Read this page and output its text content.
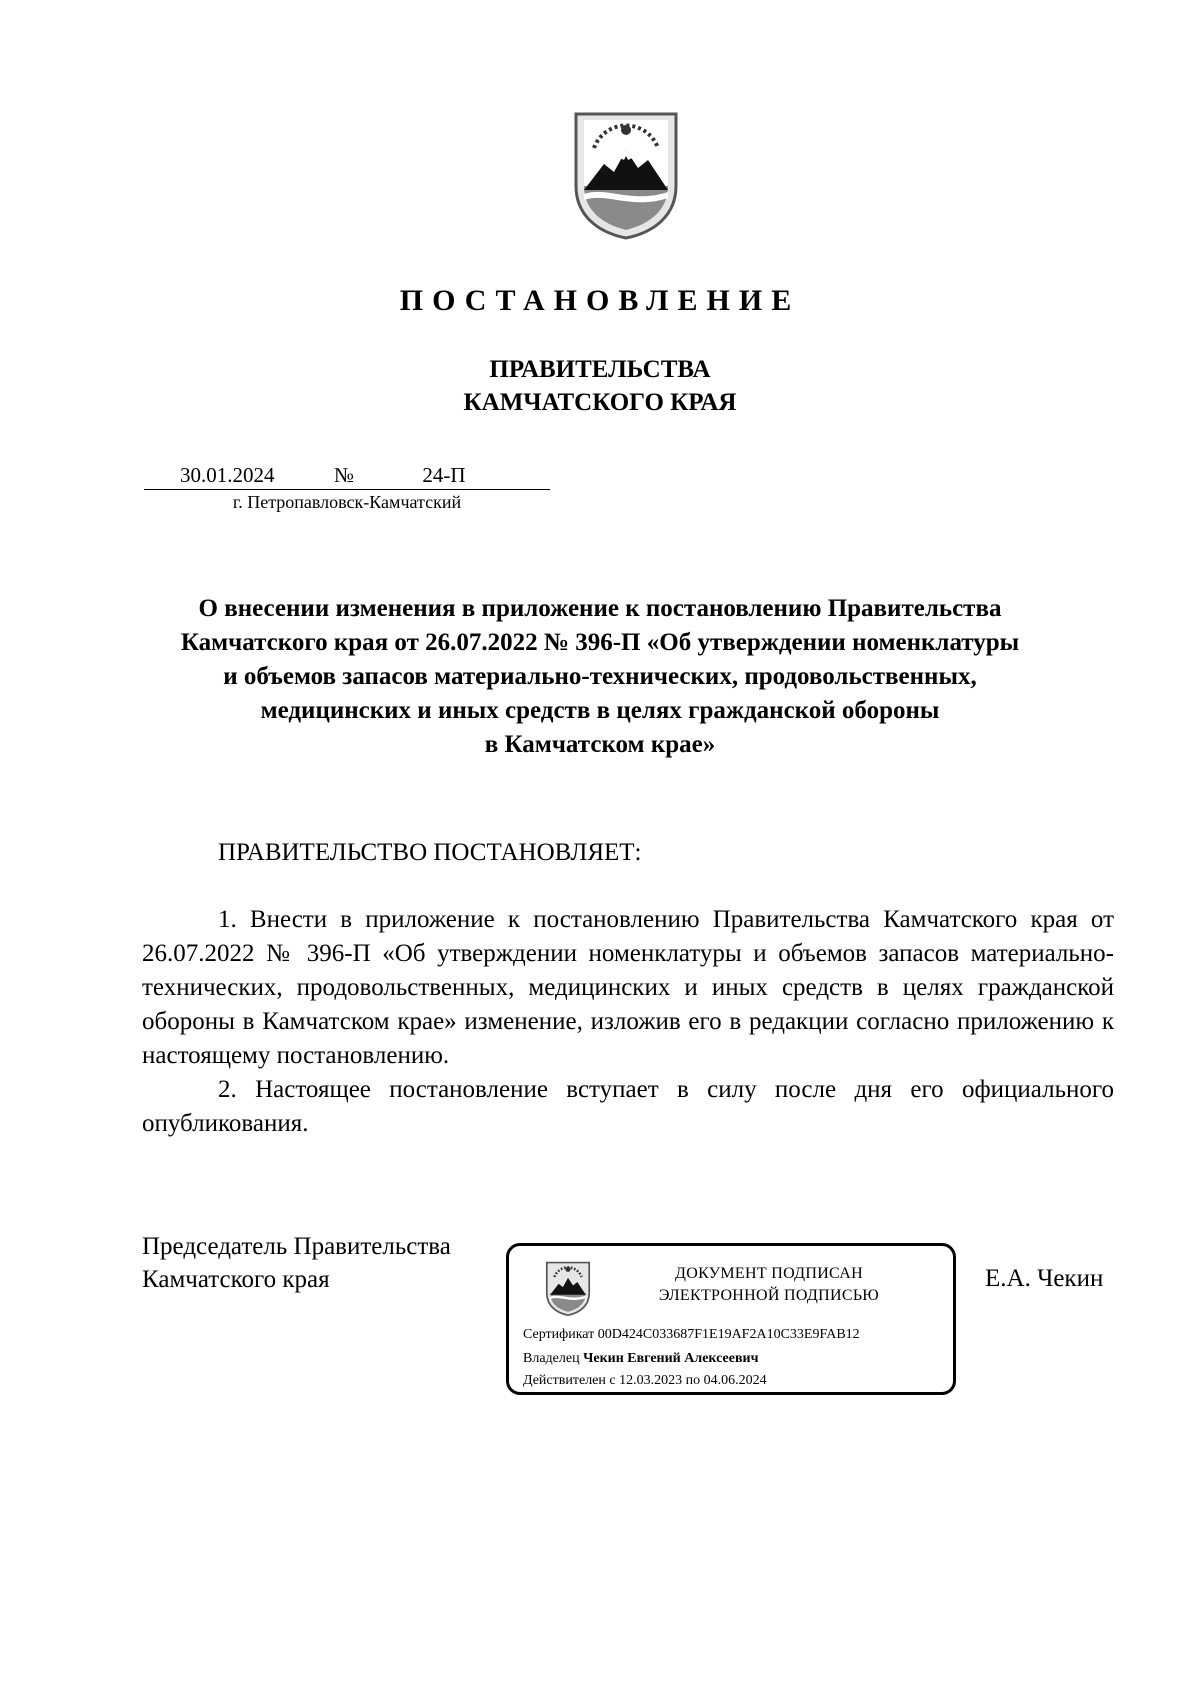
ПОСТАНОВЛЕНИЕ
ПРАВИТЕЛЬСТВА
КАМЧАТСКОГО КРАЯ
30.01.2024	№	24-П
г. Петропавловск-Камчатский
О внесении изменения в приложение к постановлению Правительства
Камчатского края от 26.07.2022 № 396-П «Об утверждении номенклатуры
и объемов запасов материально-технических, продовольственных,
медицинских и иных средств в целях гражданской обороны
в Камчатском крае»
ПРАВИТЕЛЬСТВО ПОСТАНОВЛЯЕТ:

1. Внести в приложение к постановлению Правительства Камчатского края от 26.07.2022 № 396-П «Об утверждении номенклатуры и объемов запасов материально-технических, продовольственных, медицинских и иных средств в целях гражданской обороны в Камчатском крае» изменение, изложив его в редакции согласно приложению к настоящему постановлению.

2. Настоящее постановление вступает в силу после дня его официального опубликования.

Председатель Правительства
Камчатского края	Е.А. Чекин
ДОКУМЕНТ ПОДПИСАН
ЭЛЕКТРОННОЙ ПОДПИСЬЮ
Сертификат 00D424C033687F1E19AF2A10C33E9FAB12
Владелец Чекин Евгений Алексеевич
Действителен с 12.03.2023 по 04.06.2024
